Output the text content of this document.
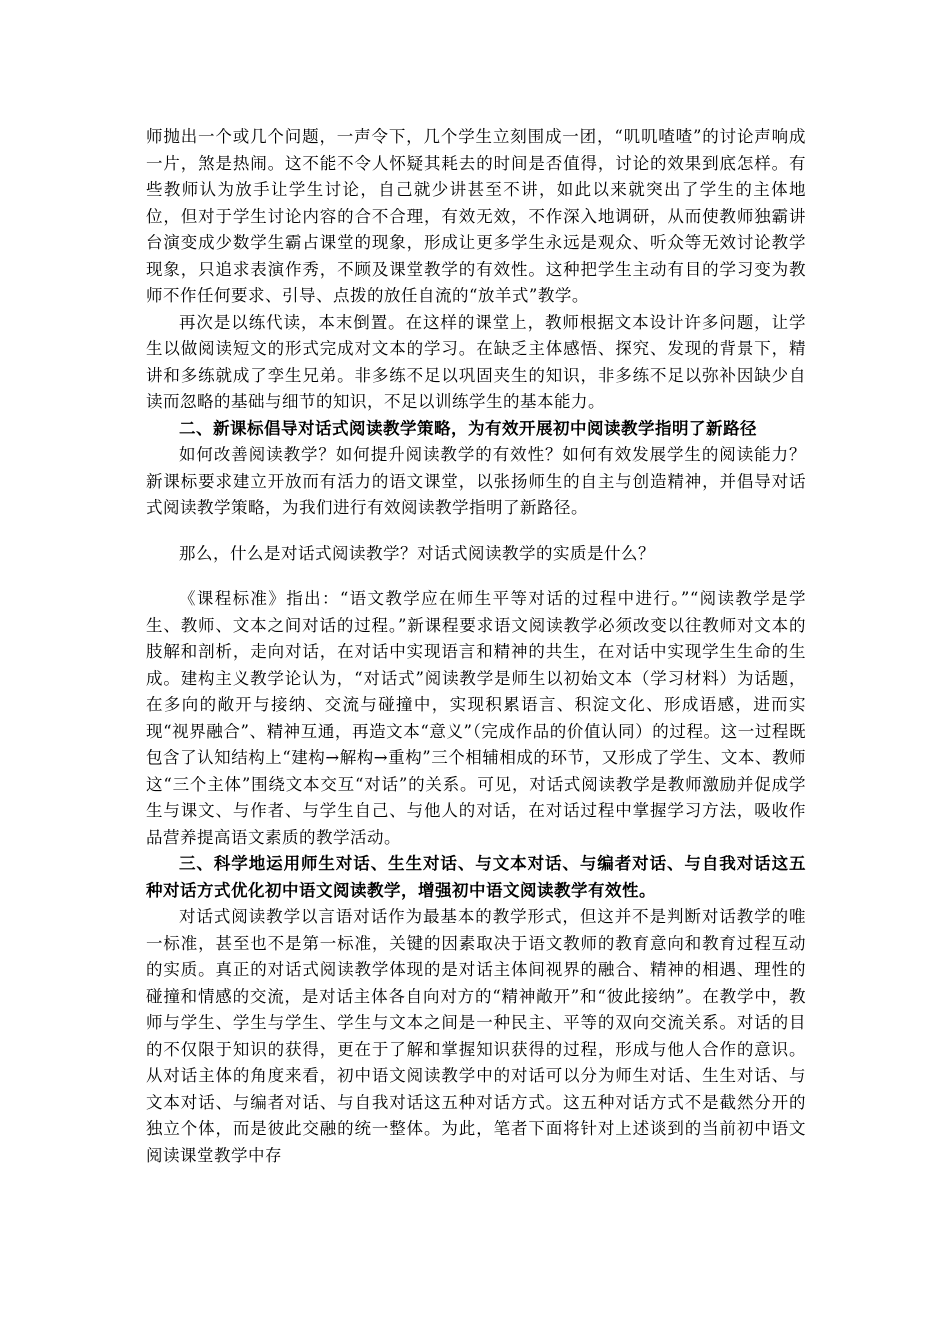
师抛出一个或几个问题，一声令下，几个学生立刻围成一团，“叽叽喳喳”的讨论声响成一片，煞是热闹。这不能不令人怀疑其耗去的时间是否值得，讨论的效果到底怎样。有些教师认为放手让学生讨论，自己就少讲甚至不讲，如此以来就突出了学生的主体地位，但对于学生讨论内容的合不合理，有效无效，不作深入地调研，从而使教师独霸讲台演变成少数学生霸占课堂的现象，形成让更多学生永远是观众、听众等无效讨论教学现象，只追求表演作秀，不顾及课堂教学的有效性。这种把学生主动有目的学习变为教师不作任何要求、引导、点拨的放任自流的“放羊式”教学。

再次是以练代读，本末倒置。在这样的课堂上，教师根据文本设计许多问题，让学生以做阅读短文的形式完成对文本的学习。在缺乏主体感悟、探究、发现的背景下，精讲和多练就成了孪生兄弟。非多练不足以巩固夹生的知识，非多练不足以弥补因缺少自读而忽略的基础与细节的知识，不足以训练学生的基本能力。

二、新课标倡导对话式阅读教学策略，为有效开展初中阅读教学指明了新路径

如何改善阅读教学？如何提升阅读教学的有效性？如何有效发展学生的阅读能力？新课标要求建立开放而有活力的语文课堂，以张扬师生的自主与创造精神，并倡导对话式阅读教学策略，为我们进行有效阅读教学指明了新路径。

那么，什么是对话式阅读教学？对话式阅读教学的实质是什么？

《课程标准》指出：“语文教学应在师生平等对话的过程中进行。”“阅读教学是学生、教师、文本之间对话的过程。”新课程要求语文阅读教学必须改变以往教师对文本的肢解和剖析，走向对话，在对话中实现语言和精神的共生，在对话中实现学生生命的生成。建构主义教学论认为，“对话式”阅读教学是师生以初始文本（学习材料）为话题，在多向的敞开与接纳、交流与碰撞中，实现积累语言、积淀文化、形成语感，进而实现“视界融合”、精神互通，再造文本“意义”（完成作品的价值认同）的过程。这一过程既包含了认知结构上“建构→解构→重构”三个相辅相成的环节，又形成了学生、文本、教师这“三个主体”围绕文本交互“对话”的关系。可见，对话式阅读教学是教师激励并促成学生与课文、与作者、与学生自己、与他人的对话，在对话过程中掌握学习方法，吸收作品营养提高语文素质的教学活动。

三、科学地运用师生对话、生生对话、与文本对话、与编者对话、与自我对话这五种对话方式优化初中语文阅读教学，增强初中语文阅读教学有效性。

对话式阅读教学以言语对话作为最基本的教学形式，但这并不是判断对话教学的唯一标准，甚至也不是第一标准，关键的因素取决于语文教师的教育意向和教育过程互动的实质。真正的对话式阅读教学体现的是对话主体间视界的融合、精神的相遇、理性的碰撞和情感的交流，是对话主体各自向对方的“精神敞开”和“彼此接纳”。在教学中，教师与学生、学生与学生、学生与文本之间是一种民主、平等的双向交流关系。对话的目的不仅限于知识的获得，更在于了解和掌握知识获得的过程，形成与他人合作的意识。从对话主体的角度来看，初中语文阅读教学中的对话可以分为师生对话、生生对话、与文本对话、与编者对话、与自我对话这五种对话方式。这五种对话方式不是截然分开的独立个体，而是彼此交融的统一整体。为此，笔者下面将针对上述谈到的当前初中语文阅读课堂教学中存
